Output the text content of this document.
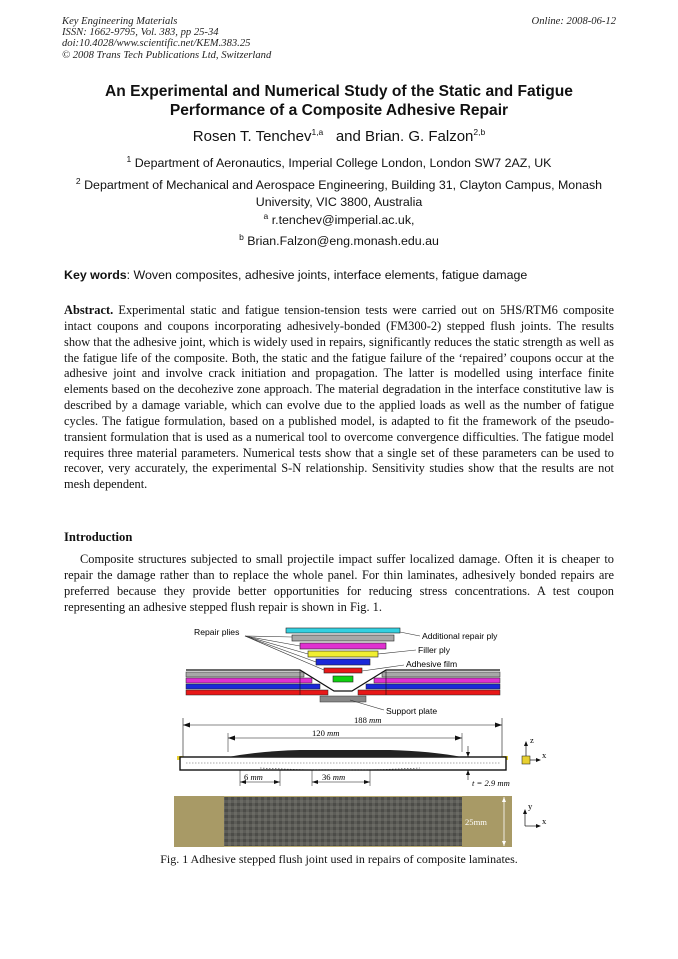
Key Engineering Materials
ISSN: 1662-9795, Vol. 383, pp 25-34
doi:10.4028/www.scientific.net/KEM.383.25
© 2008 Trans Tech Publications Ltd, Switzerland
Online: 2008-06-12
An Experimental and Numerical Study of the Static and Fatigue
Performance of a Composite Adhesive Repair
Rosen T. Tenchev$^{1,a}$ and Brian. G. Falzon$^{2,b}$
$^1$ Department of Aeronautics, Imperial College London, London SW7 2AZ, UK
$^2$ Department of Mechanical and Aerospace Engineering, Building 31, Clayton Campus, Monash
University, VIC 3800, Australia
$^a$ r.tenchev@imperial.ac.uk,
$^b$ Brian.Falzon@eng.monash.edu.au
Key words: Woven composites, adhesive joints, interface elements, fatigue damage
Abstract. Experimental static and fatigue tension-tension tests were carried out on 5HS/RTM6 composite intact coupons and coupons incorporating adhesively-bonded (FM300-2) stepped flush joints. The results show that the adhesive joint, which is widely used in repairs, significantly reduces the static strength as well as the fatigue life of the composite. Both, the static and the fatigue failure of the ‘repaired’ coupons occur at the adhesive joint and involve crack initiation and propagation. The latter is modelled using interface finite elements based on the decohezive zone approach. The material degradation in the interface constitutive law is described by a damage variable, which can evolve due to the applied loads as well as the number of fatigue cycles. The fatigue formulation, based on a published model, is adapted to fit the framework of the pseudo-transient formulation that is used as a numerical tool to overcome convergence difficulties. The fatigue model requires three material parameters. Numerical tests show that a single set of these parameters can be used to recover, very accurately, the experimental S-N relationship. Sensitivity studies show that the results are not mesh dependent.
Introduction
Composite structures subjected to small projectile impact suffer localized damage. Often it is cheaper to repair the damage rather than to replace the whole panel. For thin laminates, adhesively bonded repairs are preferred because they provide better opportunities for reducing stress concentrations. A test coupon representing an adhesive stepped flush repair is shown in Fig. 1.
Repair plies	Additional repair ply
Filler ply
Adhesive film
Support plate
188 mm
120 mm
6 mm	36 mm
t = 2.9 mm
z
x
25mm
y
x
Fig. 1 Adhesive stepped flush joint used in repairs of composite laminates.
